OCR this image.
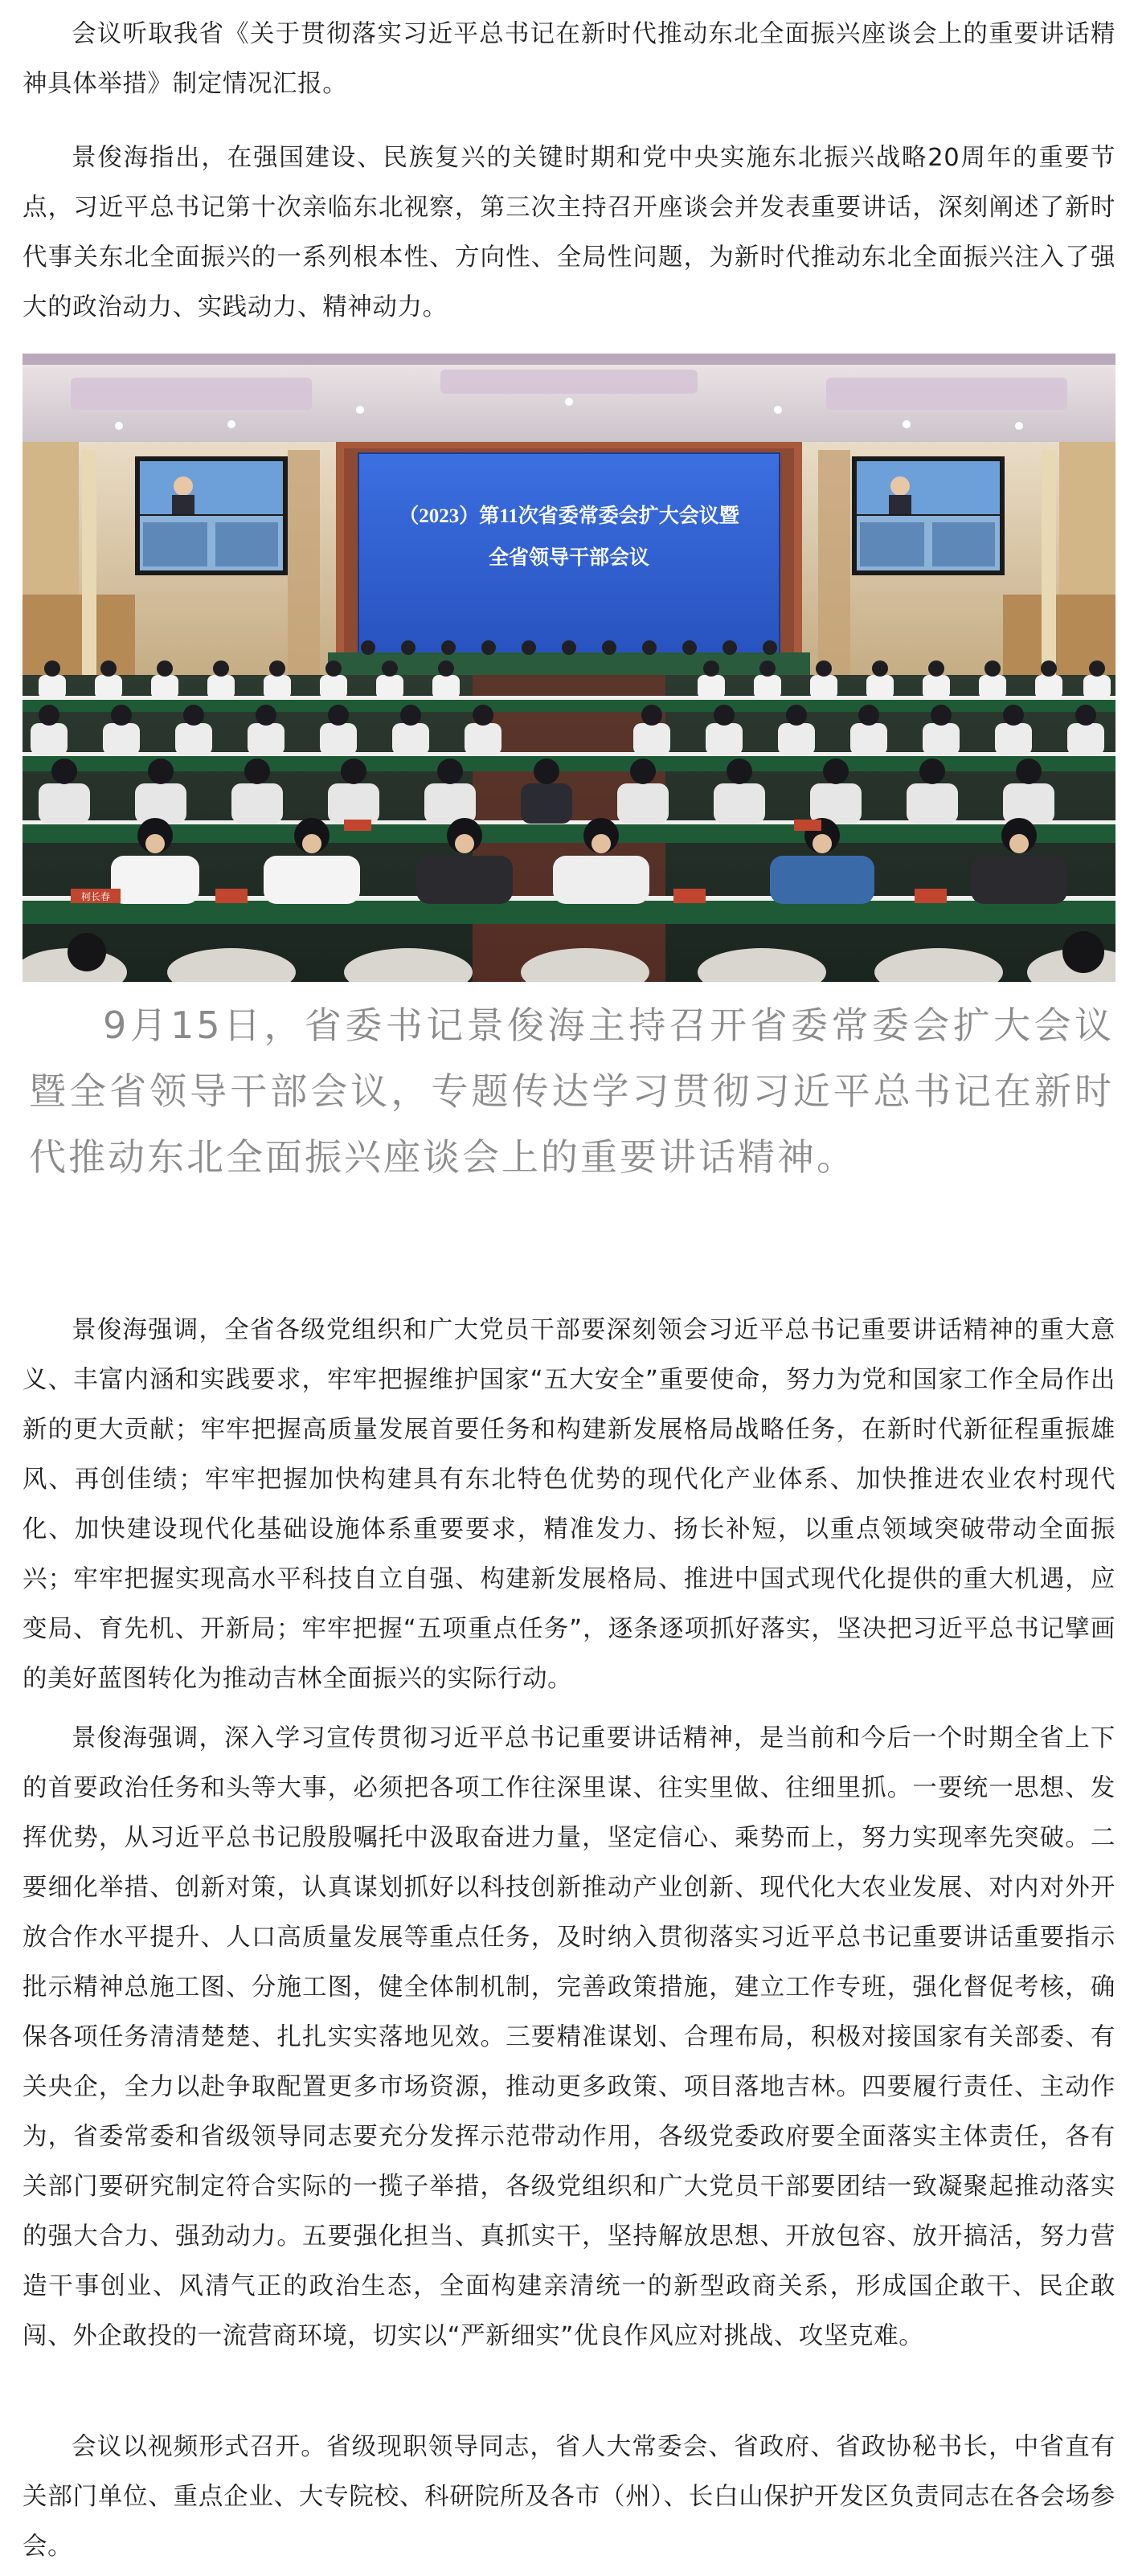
会议听取我省《关于贯彻落实习近平总书记在新时代推动东北全面振兴座谈会上的重要讲话精神具体举措》制定情况汇报。

景俊海指出，在强国建设、民族复兴的关键时期和党中央实施东北振兴战略20周年的重要节点，习近平总书记第十次亲临东北视察，第三次主持召开座谈会并发表重要讲话，深刻阐述了新时代事关东北全面振兴的一系列根本性、方向性、全局性问题，为新时代推动东北全面振兴注入了强大的政治动力、实践动力、精神动力。

（2023）第11次省委常委会扩大会议暨
全省领导干部会议
柯长春

9月15日，省委书记景俊海主持召开省委常委会扩大会议暨全省领导干部会议，专题传达学习贯彻习近平总书记在新时代推动东北全面振兴座谈会上的重要讲话精神。

景俊海强调，全省各级党组织和广大党员干部要深刻领会习近平总书记重要讲话精神的重大意义、丰富内涵和实践要求，牢牢把握维护国家“五大安全”重要使命，努力为党和国家工作全局作出新的更大贡献；牢牢把握高质量发展首要任务和构建新发展格局战略任务，在新时代新征程重振雄风、再创佳绩；牢牢把握加快构建具有东北特色优势的现代化产业体系、加快推进农业农村现代化、加快建设现代化基础设施体系重要要求，精准发力、扬长补短，以重点领域突破带动全面振兴；牢牢把握实现高水平科技自立自强、构建新发展格局、推进中国式现代化提供的重大机遇，应变局、育先机、开新局；牢牢把握“五项重点任务”，逐条逐项抓好落实，坚决把习近平总书记擘画的美好蓝图转化为推动吉林全面振兴的实际行动。

景俊海强调，深入学习宣传贯彻习近平总书记重要讲话精神，是当前和今后一个时期全省上下的首要政治任务和头等大事，必须把各项工作往深里谋、往实里做、往细里抓。一要统一思想、发挥优势，从习近平总书记殷殷嘱托中汲取奋进力量，坚定信心、乘势而上，努力实现率先突破。二要细化举措、创新对策，认真谋划抓好以科技创新推动产业创新、现代化大农业发展、对内对外开放合作水平提升、人口高质量发展等重点任务，及时纳入贯彻落实习近平总书记重要讲话重要指示批示精神总施工图、分施工图，健全体制机制，完善政策措施，建立工作专班，强化督促考核，确保各项任务清清楚楚、扎扎实实落地见效。三要精准谋划、合理布局，积极对接国家有关部委、有关央企，全力以赴争取配置更多市场资源，推动更多政策、项目落地吉林。四要履行责任、主动作为，省委常委和省级领导同志要充分发挥示范带动作用，各级党委政府要全面落实主体责任，各有关部门要研究制定符合实际的一揽子举措，各级党组织和广大党员干部要团结一致凝聚起推动落实的强大合力、强劲动力。五要强化担当、真抓实干，坚持解放思想、开放包容、放开搞活，努力营造干事创业、风清气正的政治生态，全面构建亲清统一的新型政商关系，形成国企敢干、民企敢闯、外企敢投的一流营商环境，切实以“严新细实”优良作风应对挑战、攻坚克难。

会议以视频形式召开。省级现职领导同志，省人大常委会、省政府、省政协秘书长，中省直有关部门单位、重点企业、大专院校、科研院所及各市（州）、长白山保护开发区负责同志在各会场参会。
